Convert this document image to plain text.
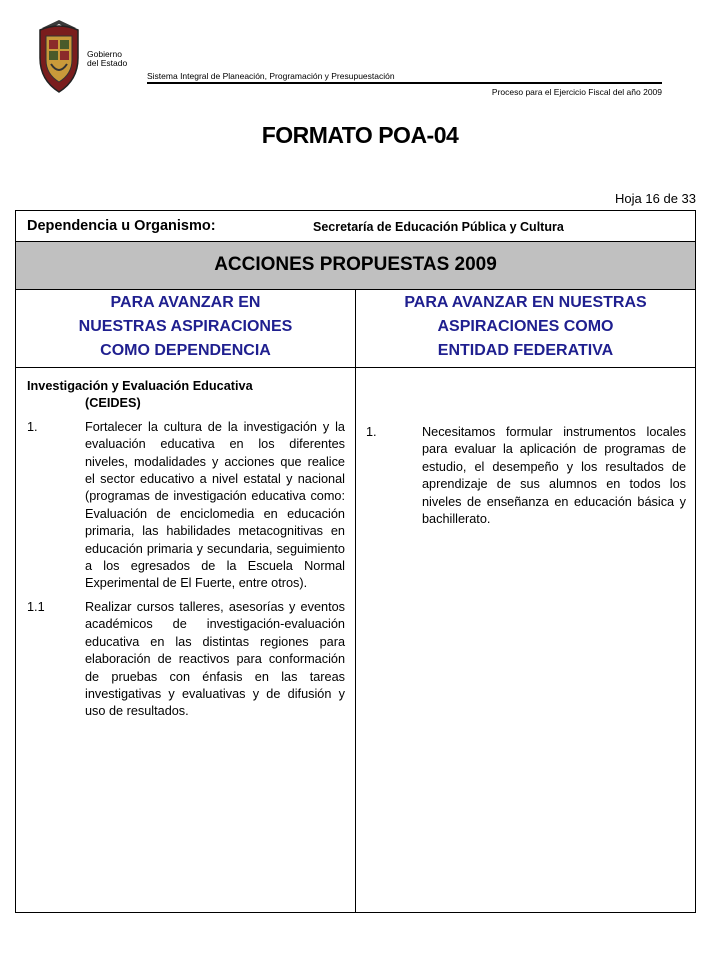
Gobierno
del Estado
Sistema Integral de Planeación, Programación y Presupuestación
Proceso para el Ejercicio Fiscal del año 2009
FORMATO POA-04
Hoja 16 de 33
Dependencia u Organismo:	Secretaría de Educación Pública y Cultura
ACCIONES PROPUESTAS 2009
PARA AVANZAR EN
NUESTRAS ASPIRACIONES
COMO DEPENDENCIA
PARA AVANZAR EN NUESTRAS
ASPIRACIONES COMO
ENTIDAD FEDERATIVA
Investigación y Evaluación Educativa
(CEIDES)
1.	Fortalecer la cultura de la investigación y la evaluación educativa en los diferentes niveles, modalidades y acciones que realice el sector educativo a nivel estatal y nacional (programas de investigación educativa como: Evaluación de enciclomedia en educación primaria, las habilidades metacognitivas en educación primaria y secundaria, seguimiento a los egresados de la Escuela Normal Experimental de El Fuerte, entre otros).
1.1	Realizar cursos talleres, asesorías y eventos académicos de investigación-evaluación educativa en las distintas regiones para elaboración de reactivos para conformación de pruebas con énfasis en las tareas investigativas y evaluativas y de difusión y uso de resultados.
1.	Necesitamos formular instrumentos locales para evaluar la aplicación de programas de estudio, el desempeño y los resultados de aprendizaje de sus alumnos en todos los niveles de enseñanza en educación básica y bachillerato.
